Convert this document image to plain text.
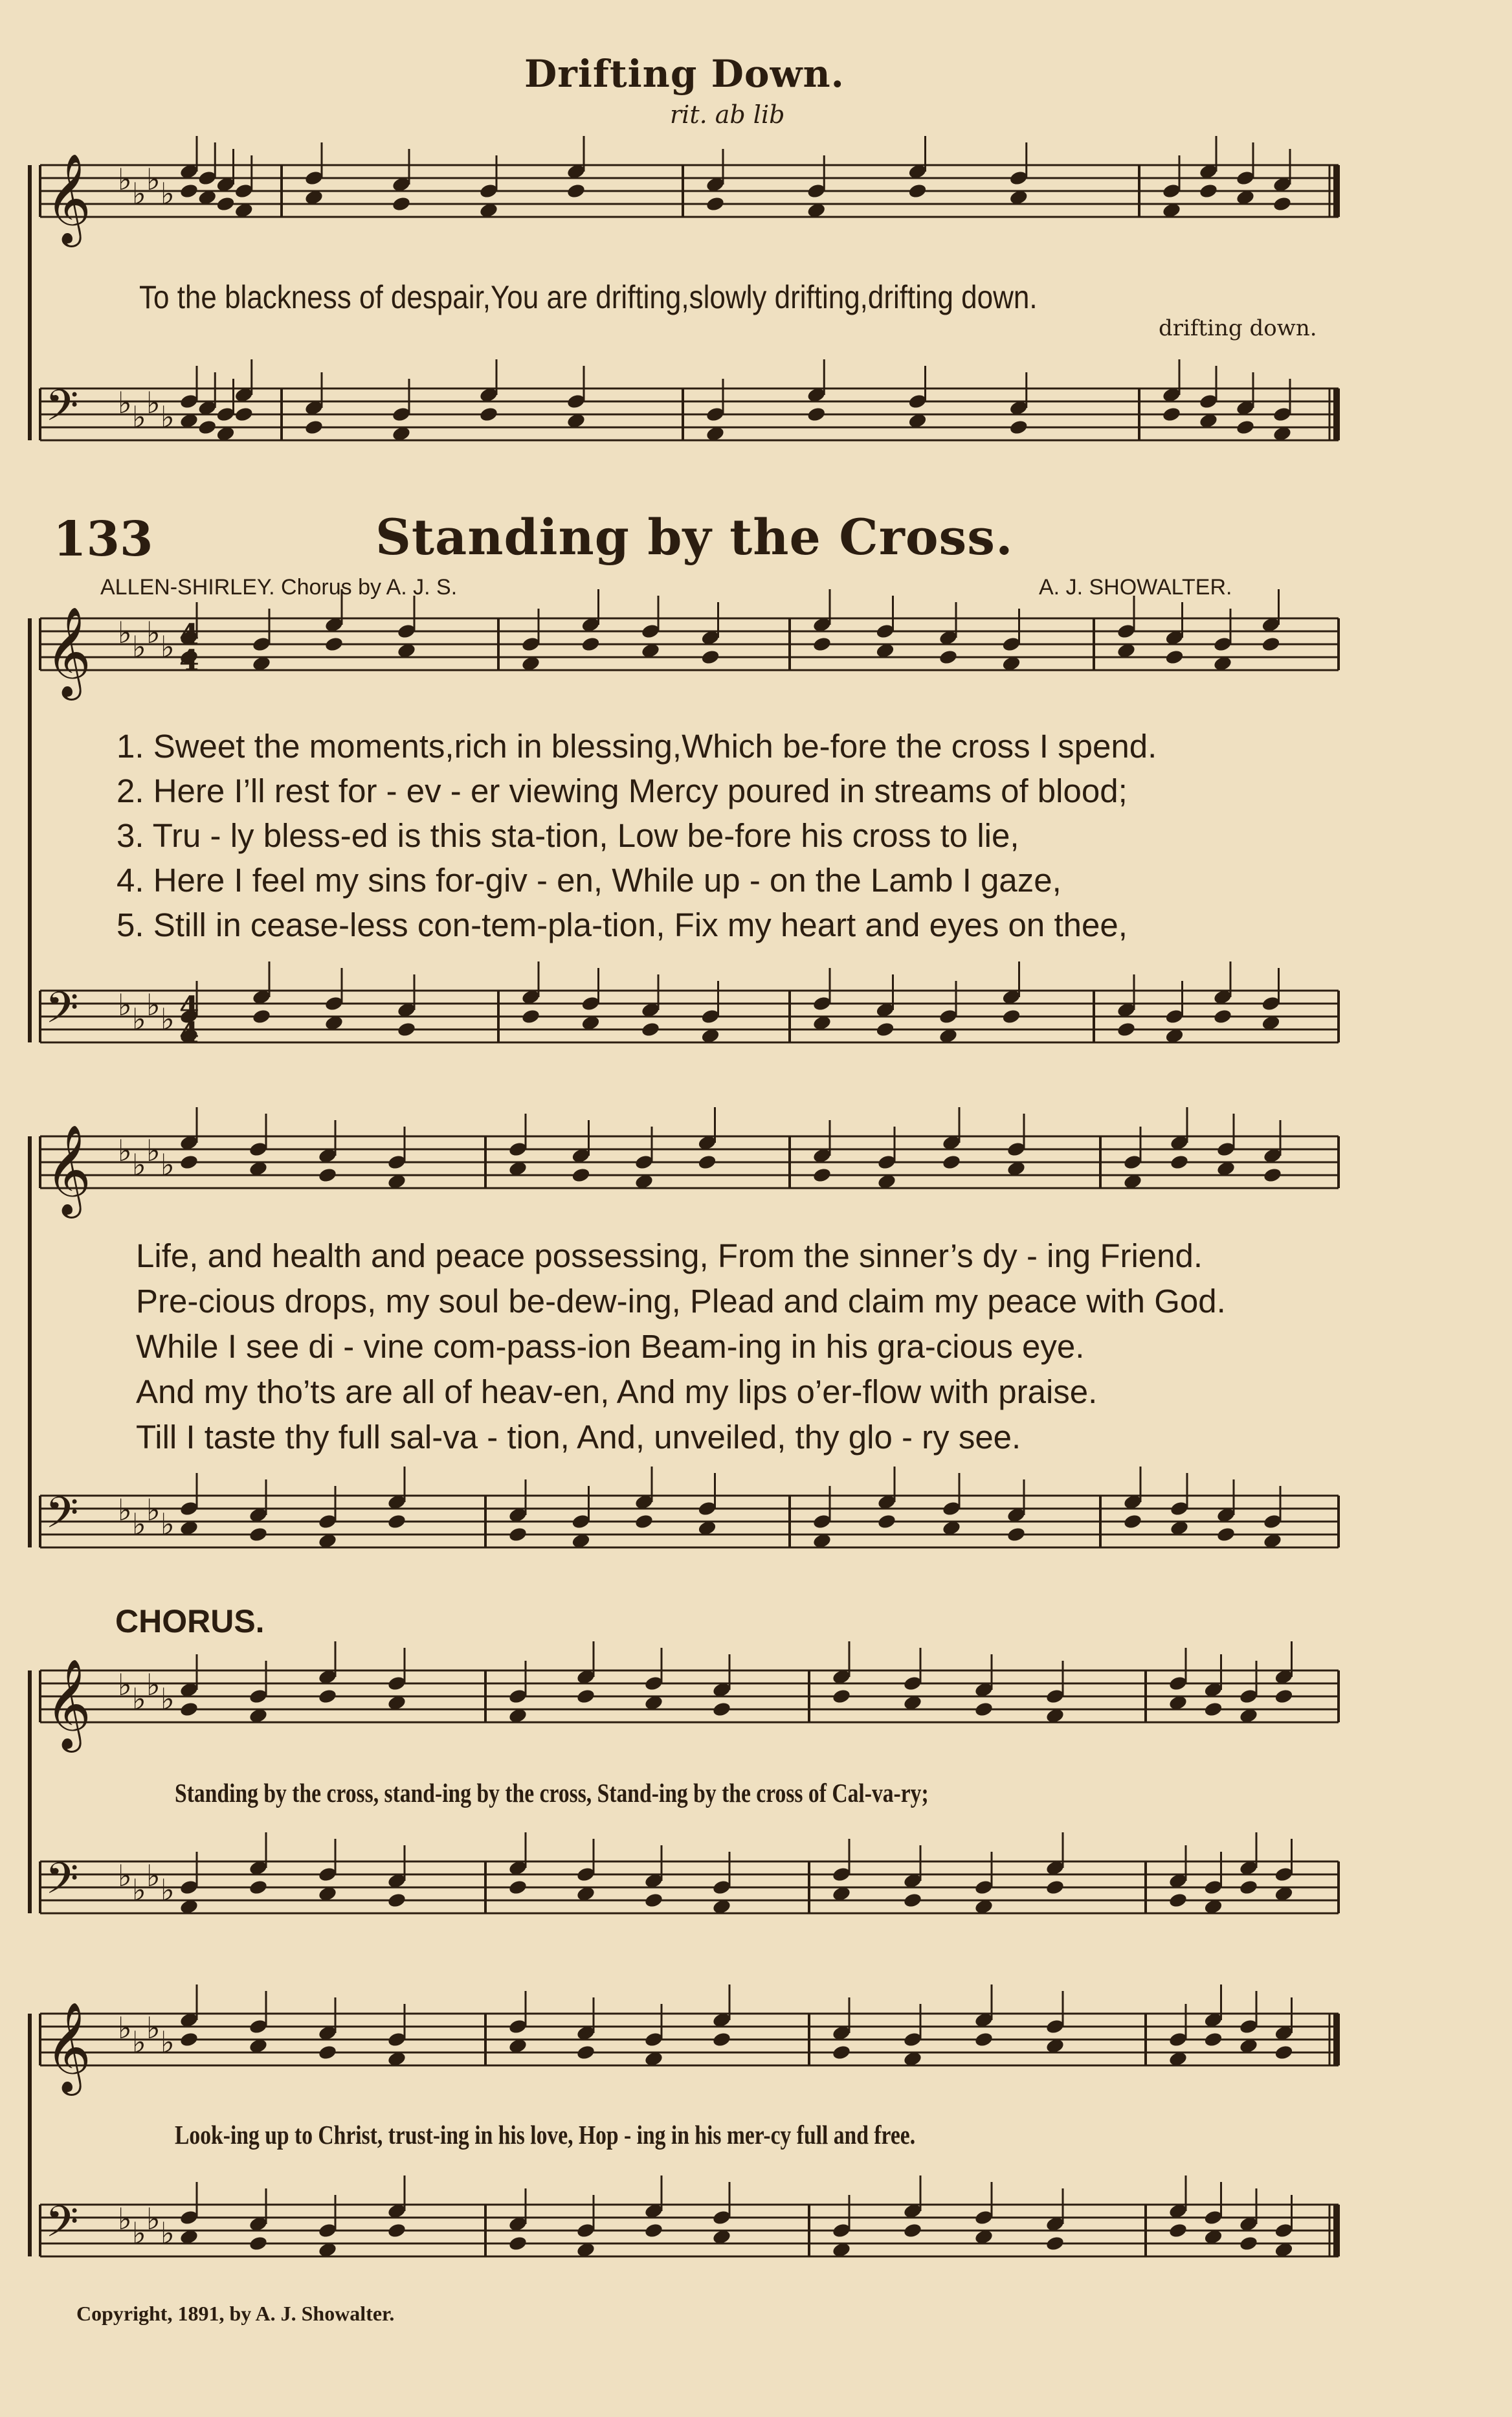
𝄞 ♭ ♭ ♭ ♭
𝄢 ♭ ♭ ♭ ♭
𝄞 ♭ ♭ ♭ ♭
𝄢 ♭ ♭ ♭ ♭
𝄞 ♭ ♭ ♭ ♭
𝄢 ♭ ♭ ♭ ♭
𝄞 ♭ ♭ ♭ ♭
𝄢 ♭ ♭ ♭ ♭
𝄞 ♭ ♭ ♭ ♭
𝄢 ♭ ♭ ♭ ♭
4
4
4
4
Drifting Down.
rit. ab lib
To the blackness of despair,You are drifting,slowly drifting,drifting down.
drifting down.
133	Standing by the Cross.
ALLEN-SHIRLEY. Chorus by A. J. S.	A. J. SHOWALTER.
1. Sweet the moments,rich in blessing,Which be-fore the cross I spend.
2. Here I’ll rest for - ev - er viewing Mercy poured in streams of blood;
3. Tru - ly bless-ed is this sta-tion, Low be-fore his cross to lie,
4. Here I feel my sins for-giv - en, While up - on the Lamb I gaze,
5. Still in cease-less con-tem-pla-tion, Fix my heart and eyes on thee,
Life, and health and peace possessing, From the sinner’s dy - ing Friend.
Pre-cious drops, my soul be-dew-ing, Plead and claim my peace with God.
While I see di - vine com-pass-ion Beam-ing in his gra-cious eye.
And my tho’ts are all of heav-en, And my lips o’er-flow with praise.
Till I taste thy full sal-va - tion, And, unveiled, thy glo - ry see.
CHORUS.
Standing by the cross, stand-ing by the cross, Stand-ing by the cross of Cal-va-ry;
Look-ing up to Christ, trust-ing in his love, Hop - ing in his mer-cy full and free.
Copyright, 1891, by A. J. Showalter.
